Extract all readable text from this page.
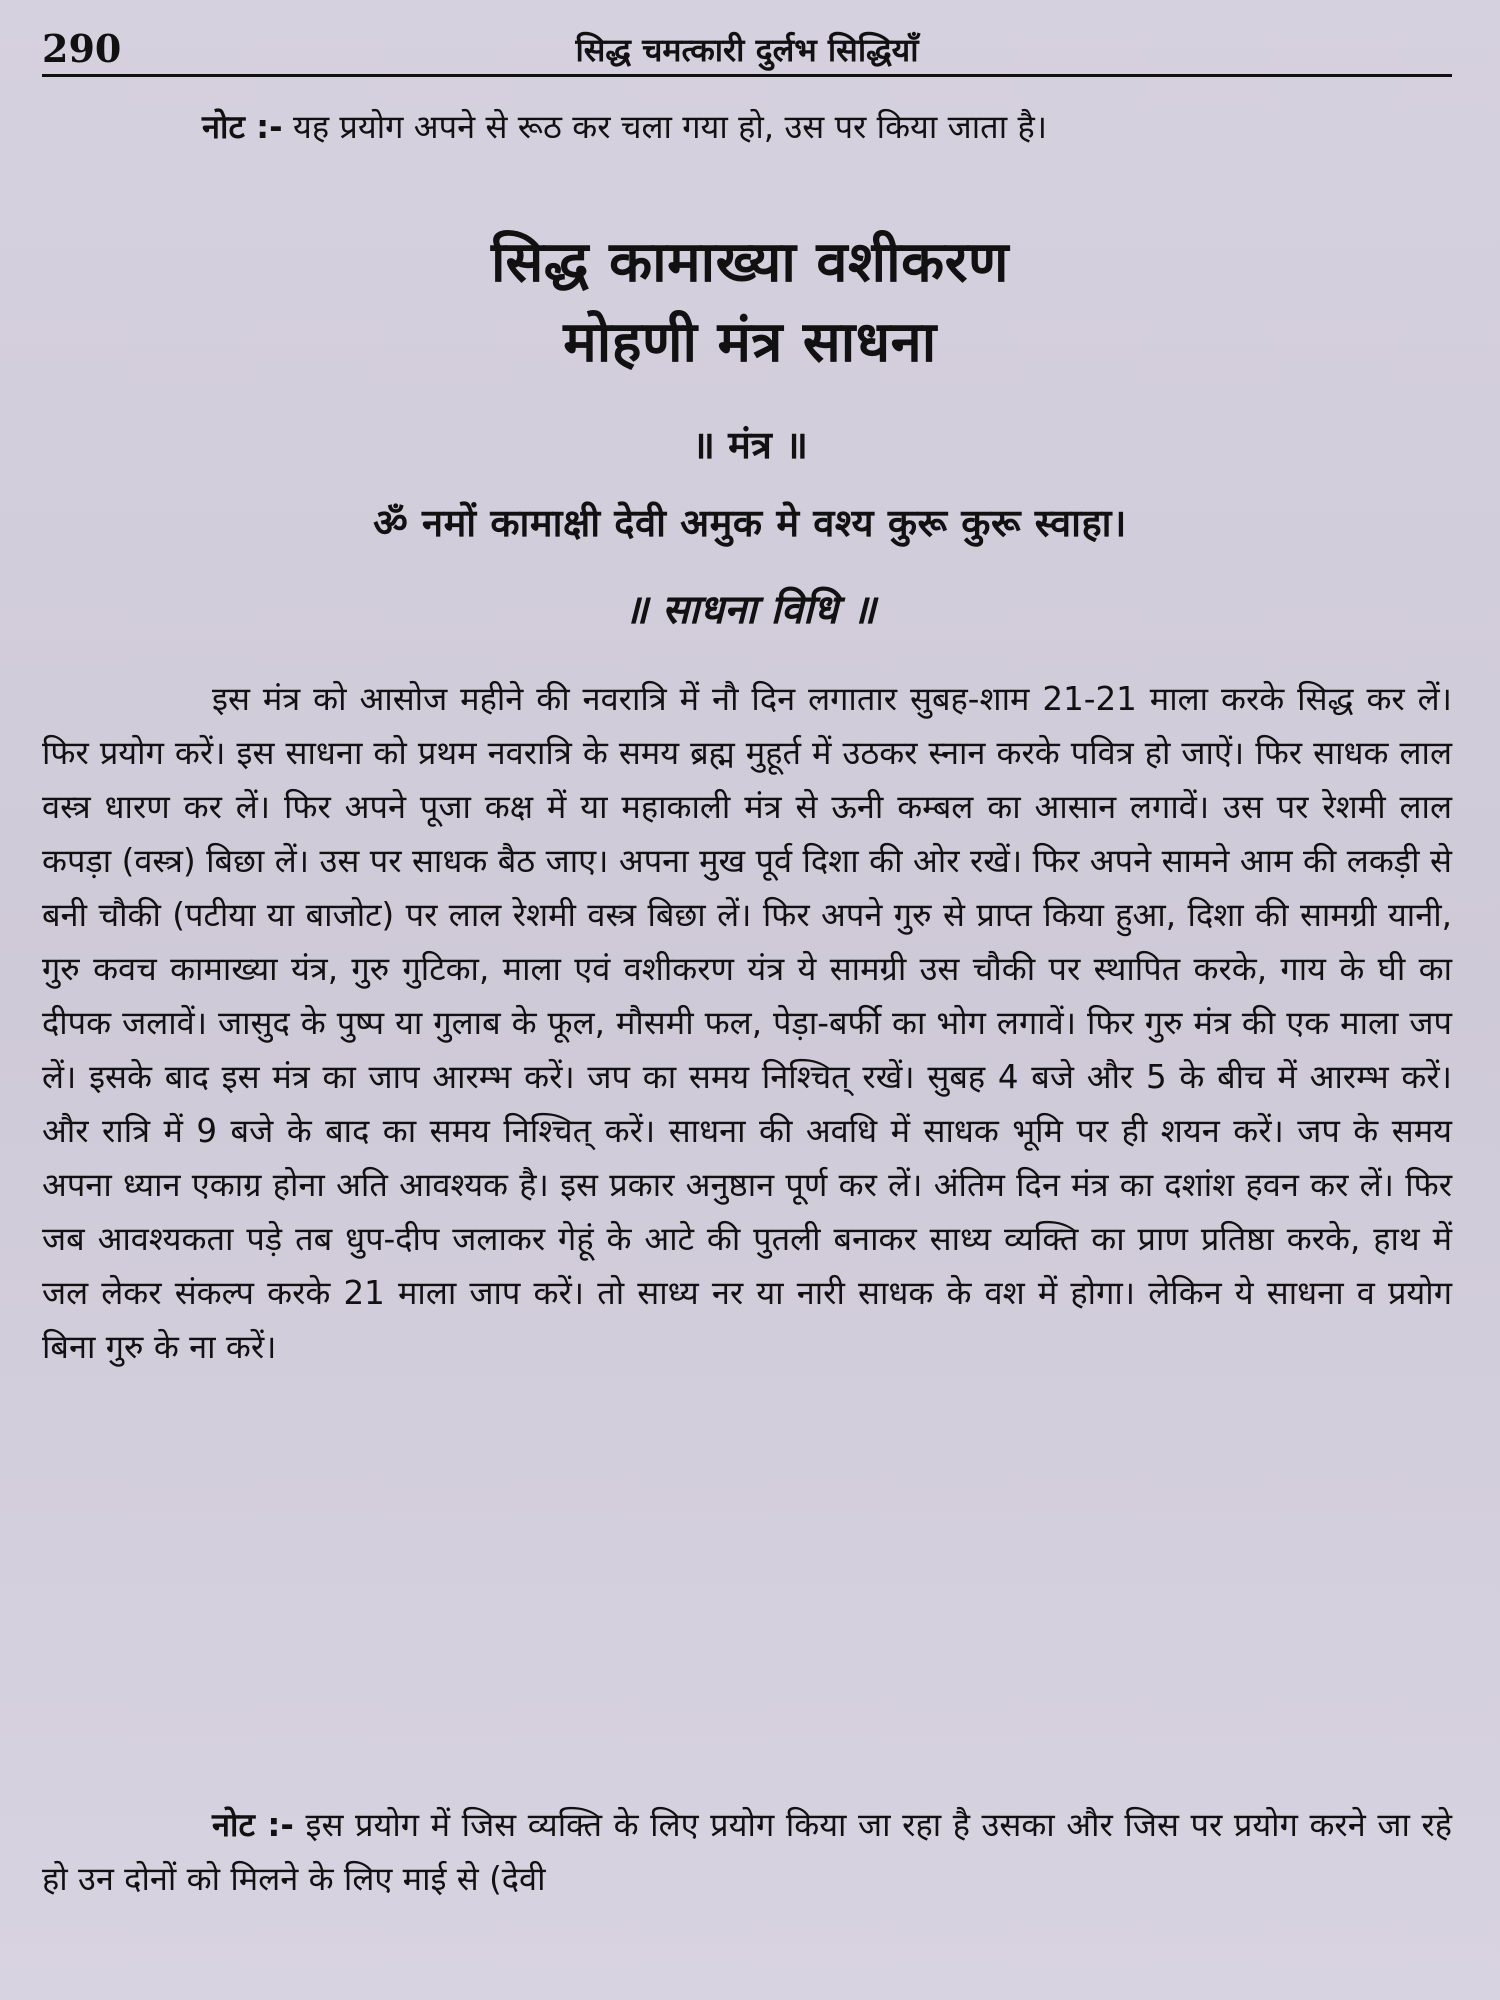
290	सिद्ध चमत्कारी दुर्लभ सिद्धियाँ

नोट :- यह प्रयोग अपने से रूठ कर चला गया हो, उस पर किया जाता है।

सिद्ध कामाख्या वशीकरण
मोहणी मंत्र साधना
॥ मंत्र ॥
ॐ नमों कामाक्षी देवी अमुक मे वश्य कुरू कुरू स्वाहा।
॥ साधना विधि ॥

इस मंत्र को आसोज महीने की नवरात्रि में नौ दिन लगातार सुबह-शाम 21-21 माला करके सिद्ध कर लें। फिर प्रयोग करें। इस साधना को प्रथम नवरात्रि के समय ब्रह्म मुहूर्त में उठकर स्नान करके पवित्र हो जाऐं। फिर साधक लाल वस्त्र धारण कर लें। फिर अपने पूजा कक्ष में या महाकाली मंत्र से ऊनी कम्बल का आसान लगावें। उस पर रेशमी लाल कपड़ा (वस्त्र) बिछा लें। उस पर साधक बैठ जाए। अपना मुख पूर्व दिशा की ओर रखें। फिर अपने सामने आम की लकड़ी से बनी चौकी (पटीया या बाजोट) पर लाल रेशमी वस्त्र बिछा लें। फिर अपने गुरु से प्राप्त किया हुआ, दिशा की सामग्री यानी, गुरु कवच कामाख्या यंत्र, गुरु गुटिका, माला एवं वशीकरण यंत्र ये सामग्री उस चौकी पर स्थापित करके, गाय के घी का दीपक जलावें। जासुद के पुष्प या गुलाब के फूल, मौसमी फल, पेड़ा-बर्फी का भोग लगावें। फिर गुरु मंत्र की एक माला जप लें। इसके बाद इस मंत्र का जाप आरम्भ करें। जप का समय निश्चित् रखें। सुबह 4 बजे और 5 के बीच में आरम्भ करें। और रात्रि में 9 बजे के बाद का समय निश्चित् करें। साधना की अवधि में साधक भूमि पर ही शयन करें। जप के समय अपना ध्यान एकाग्र होना अति आवश्यक है। इस प्रकार अनुष्ठान पूर्ण कर लें। अंतिम दिन मंत्र का दशांश हवन कर लें। फिर जब आवश्यकता पड़े तब धुप-दीप जलाकर गेहूं के आटे की पुतली बनाकर साध्य व्यक्ति का प्राण प्रतिष्ठा करके, हाथ में जल लेकर संकल्प करके 21 माला जाप करें। तो साध्य नर या नारी साधक के वश में होगा। लेकिन ये साधना व प्रयोग बिना गुरु के ना करें।

नोट :- इस प्रयोग में जिस व्यक्ति के लिए प्रयोग किया जा रहा है उसका और जिस पर प्रयोग करने जा रहे हो उन दोनों को मिलने के लिए माई से (देवी
